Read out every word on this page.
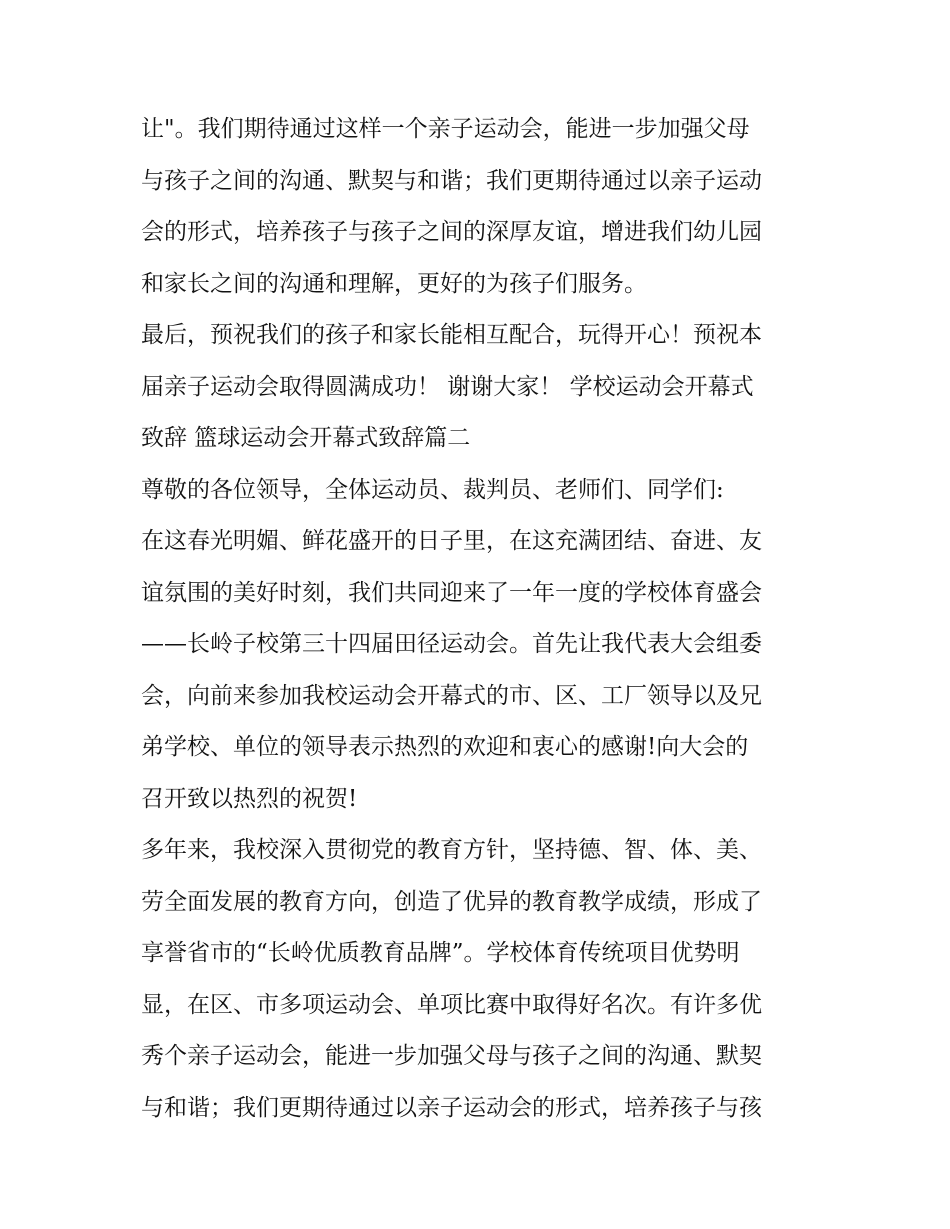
让"。我们期待通过这样一个亲子运动会，能进一步加强父母
与孩子之间的沟通、默契与和谐；我们更期待通过以亲子运动
会的形式，培养孩子与孩子之间的深厚友谊，增进我们幼儿园
和家长之间的沟通和理解，更好的为孩子们服务。
最后，预祝我们的孩子和家长能相互配合，玩得开心！预祝本
届亲子运动会取得圆满成功！ 谢谢大家！ 学校运动会开幕式
致辞 篮球运动会开幕式致辞篇二
尊敬的各位领导，全体运动员、裁判员、老师们、同学们:
在这春光明媚、鲜花盛开的日子里，在这充满团结、奋进、友
谊氛围的美好时刻，我们共同迎来了一年一度的学校体育盛会
——长岭子校第三十四届田径运动会。首先让我代表大会组委
会，向前来参加我校运动会开幕式的市、区、工厂领导以及兄
弟学校、单位的领导表示热烈的欢迎和衷心的感谢!向大会的
召开致以热烈的祝贺!
多年来，我校深入贯彻党的教育方针，坚持德、智、体、美、
劳全面发展的教育方向，创造了优异的教育教学成绩，形成了
享誉省市的“长岭优质教育品牌”。学校体育传统项目优势明
显，在区、市多项运动会、单项比赛中取得好名次。有许多优
秀个亲子运动会，能进一步加强父母与孩子之间的沟通、默契
与和谐；我们更期待通过以亲子运动会的形式，培养孩子与孩
